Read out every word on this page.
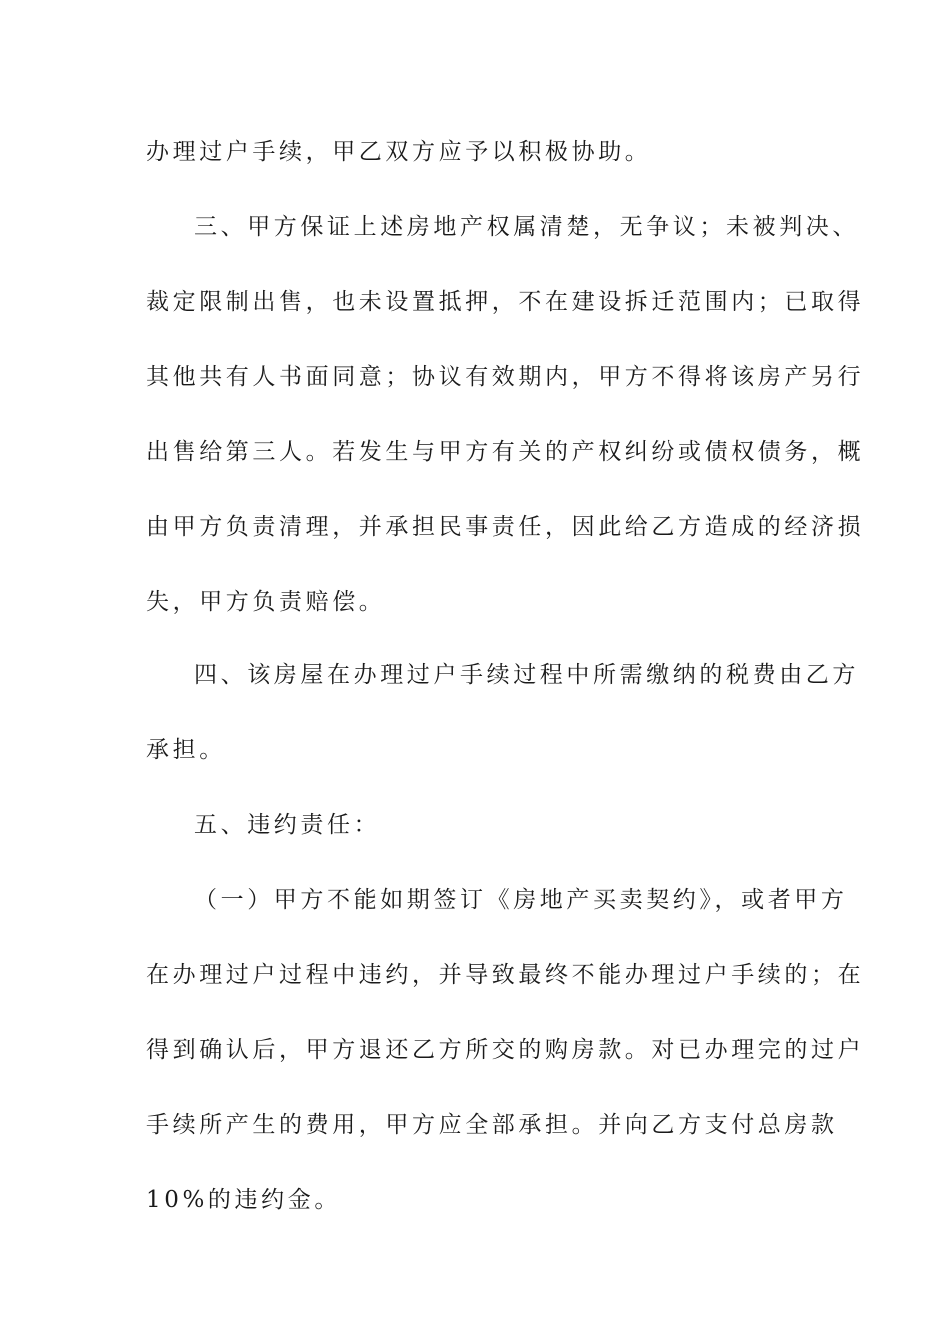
办理过户手续，甲乙双方应予以积极协助。
三、甲方保证上述房地产权属清楚，无争议；未被判决、
裁定限制出售，也未设置抵押，不在建设拆迁范围内；已取得
其他共有人书面同意；协议有效期内，甲方不得将该房产另行
出售给第三人。若发生与甲方有关的产权纠纷或债权债务，概
由甲方负责清理，并承担民事责任，因此给乙方造成的经济损
失，甲方负责赔偿。
四、该房屋在办理过户手续过程中所需缴纳的税费由乙方
承担。
五、违约责任：
（一）甲方不能如期签订《房地产买卖契约》，或者甲方
在办理过户过程中违约，并导致最终不能办理过户手续的；在
得到确认后，甲方退还乙方所交的购房款。对已办理完的过户
手续所产生的费用，甲方应全部承担。并向乙方支付总房款
10%的违约金。
